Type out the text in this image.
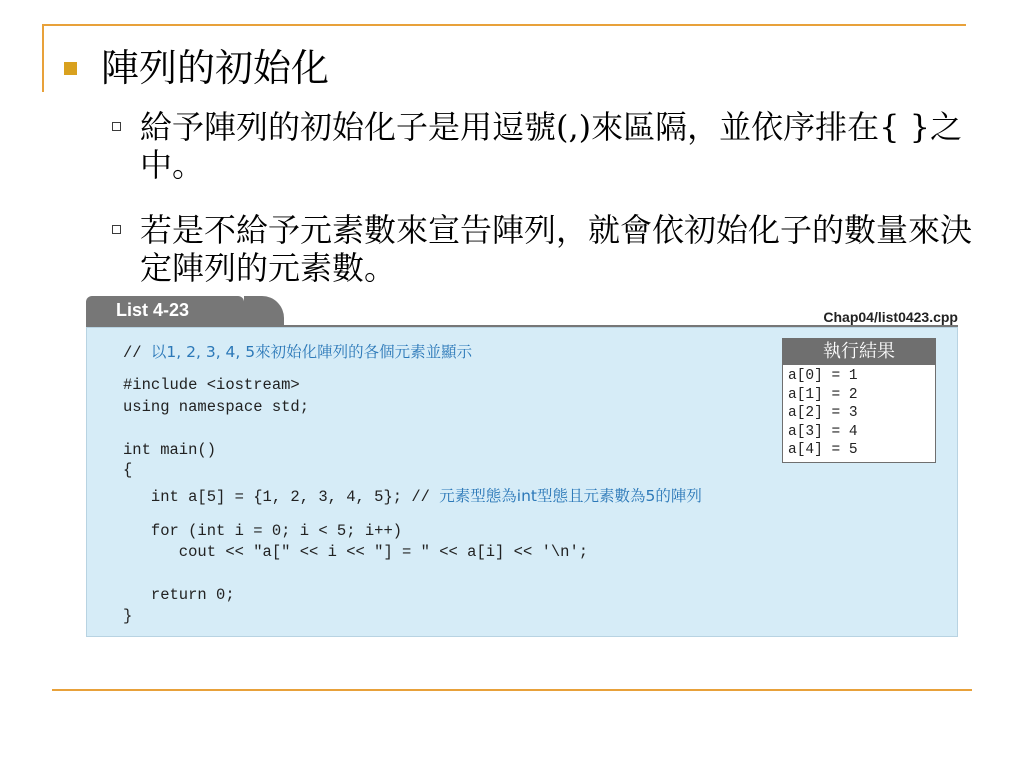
陣列的初始化
給予陣列的初始化子是用逗號(,)來區隔，並依序排在{ }之中。
若是不給予元素數來宣告陣列，就會依初始化子的數量來決定陣列的元素數。
List 4-23	Chap04/list0423.cpp
// 以1, 2, 3, 4, 5來初始化陣列的各個元素並顯示
#include <iostream>
using namespace std;
int main()
{
int a[5] = {1, 2, 3, 4, 5}; // 元素型態為int型態且元素數為5的陣列
for (int i = 0; i < 5; i++)
cout << "a[" << i << "] = " << a[i] << '\n';
return 0;
}
執行結果
a[0] = 1
a[1] = 2
a[2] = 3
a[3] = 4
a[4] = 5
